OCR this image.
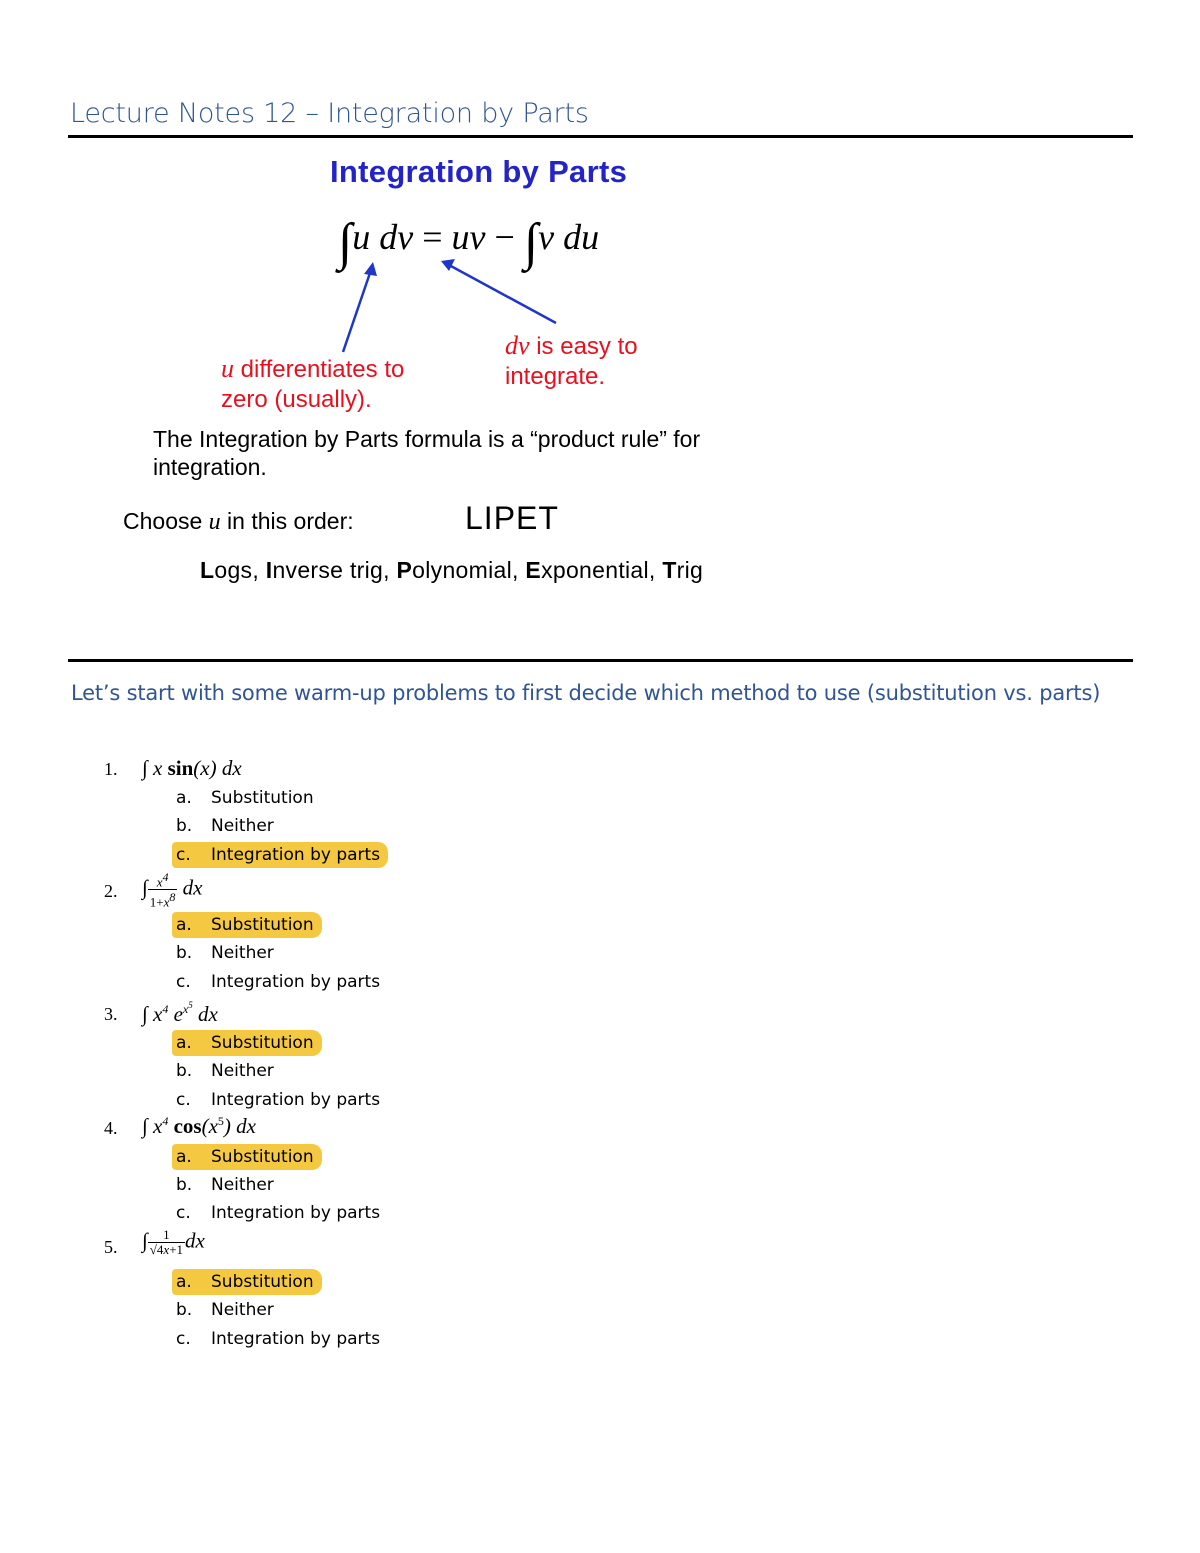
Lecture Notes 12 – Integration by Parts
Integration by Parts
∫u dv = uv − ∫v du
u differentiates to
zero (usually).
dv is easy to
integrate.
The Integration by Parts formula is a “product rule” for
integration.
Choose u in this order:	LIPET
Logs, Inverse trig, Polynomial, Exponential, Trig
Let’s start with some warm-up problems to first decide which method to use (substitution vs. parts)
1. ∫ x sin(x) dx
a. Substitution
b. Neither
c. Integration by parts
2. ∫ $\frac{x^4}{1+x^8}$ dx
a. Substitution
b. Neither
c. Integration by parts
3. ∫ $x^4$ $e^{x^5}$ dx
a. Substitution
b. Neither
c. Integration by parts
4. ∫ $x^4$ $\cos(x^5)$ dx
a. Substitution
b. Neither
c. Integration by parts
5. ∫ $\frac{1}{√4x+1}$ dx
a. Substitution
b. Neither
c. Integration by parts
